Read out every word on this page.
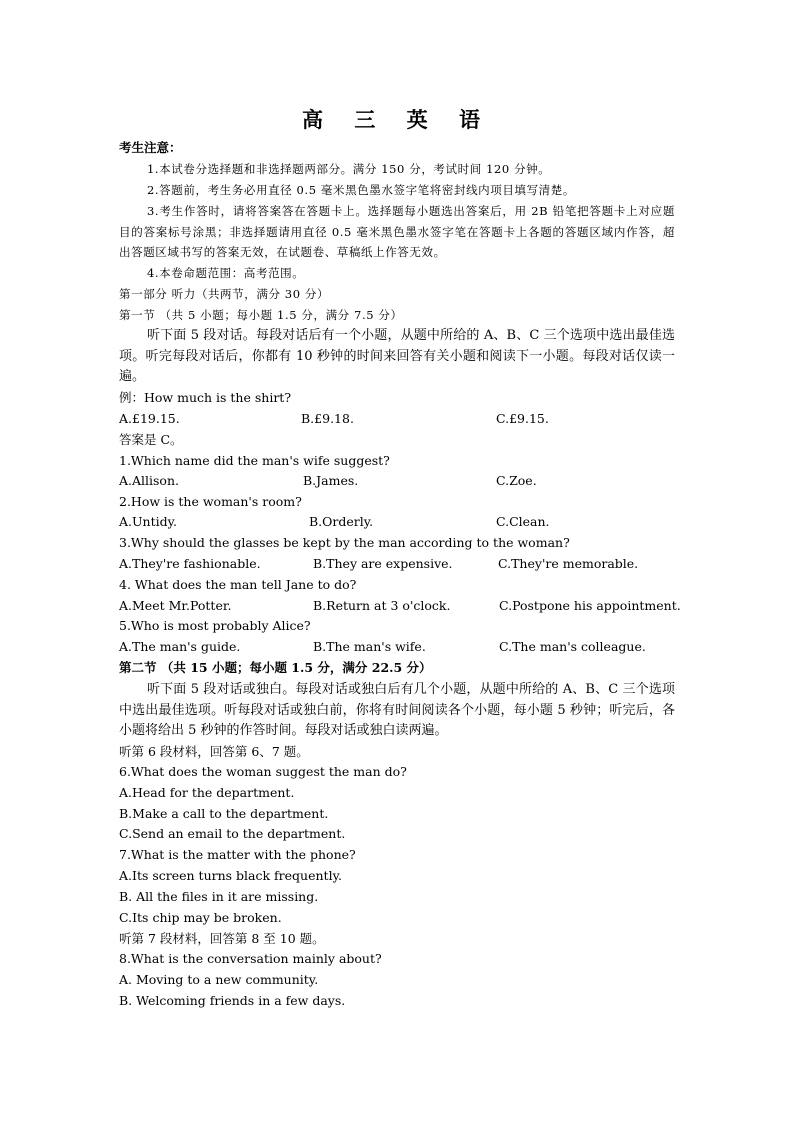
高 三 英 语
考生注意：
1.本试卷分选择题和非选择题两部分。满分 150 分，考试时间 120 分钟。
2.答题前，考生务必用直径 0.5 毫米黑色墨水签字笔将密封线内项目填写清楚。
3.考生作答时，请将答案答在答题卡上。选择题每小题选出答案后，用 2B 铅笔把答题卡上对应题目的答案标号涂黑；非选择题请用直径 0.5 毫米黑色墨水签字笔在答题卡上各题的答题区域内作答，超出答题区域书写的答案无效，在试题卷、草稿纸上作答无效。
4.本卷命题范围：高考范围。
第一部分 听力（共两节，满分 30 分）
第一节 （共 5 小题；每小题 1.5 分，满分 7.5 分）
听下面 5 段对话。每段对话后有一个小题，从题中所给的 A、B、C 三个选项中选出最佳选项。听完每段对话后，你都有 10 秒钟的时间来回答有关小题和阅读下一小题。每段对话仅读一遍。
例：How much is the shirt?
A.£19.15.	B.£9.18.	C.£9.15.
答案是 C。
1.Which name did the man's wife suggest?
A.Allison.	B.James.	C.Zoe.
2.How is the woman's room?
A.Untidy.	B.Orderly.	C.Clean.
3.Why should the glasses be kept by the man according to the woman?
A.They're fashionable.	B.They are expensive.	C.They're memorable.
4. What does the man tell Jane to do?
A.Meet Mr.Potter.	B.Return at 3 o'clock.	C.Postpone his appointment.
5.Who is most probably Alice?
A.The man's guide.	B.The man's wife.	C.The man's colleague.
第二节 （共 15 小题；每小题 1.5 分，满分 22.5 分）
听下面 5 段对话或独白。每段对话或独白后有几个小题，从题中所给的 A、B、C 三个选项中选出最佳选项。听每段对话或独白前，你将有时间阅读各个小题，每小题 5 秒钟；听完后，各小题将给出 5 秒钟的作答时间。每段对话或独白读两遍。
听第 6 段材料，回答第 6、7 题。
6.What does the woman suggest the man do?
A.Head for the department.
B.Make a call to the department.
C.Send an email to the department.
7.What is the matter with the phone?
A.Its screen turns black frequently.
B. All the files in it are missing.
C.Its chip may be broken.
听第 7 段材料，回答第 8 至 10 题。
8.What is the conversation mainly about?
A. Moving to a new community.
B. Welcoming friends in a few days.
